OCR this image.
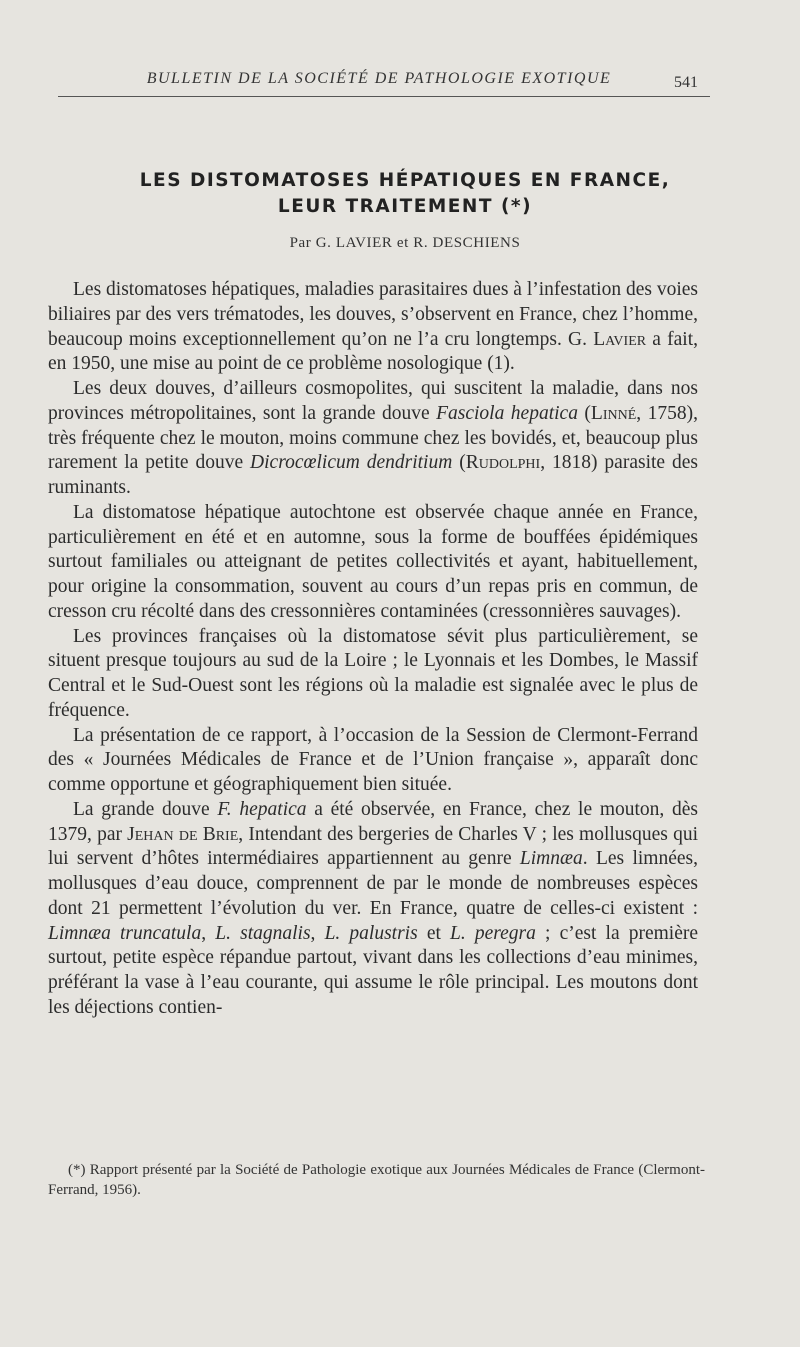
BULLETIN DE LA SOCIÉTÉ DE PATHOLOGIE EXOTIQUE	541
LES DISTOMATOSES HÉPATIQUES EN FRANCE,
LEUR TRAITEMENT (*)
Par G. LAVIER et R. DESCHIENS

Les distomatoses hépatiques, maladies parasitaires dues à l’infestation des voies biliaires par des vers trématodes, les douves, s’observent en France, chez l’homme, beaucoup moins exceptionnellement qu’on ne l’a cru longtemps. G. Lavier a fait, en 1950, une mise au point de ce problème nosologique (1).

Les deux douves, d’ailleurs cosmopolites, qui suscitent la maladie, dans nos provinces métropolitaines, sont la grande douve Fasciola hepatica (Linné, 1758), très fréquente chez le mouton, moins commune chez les bovidés, et, beaucoup plus rarement la petite douve Dicrocœlicum dendritium (Rudolphi, 1818) parasite des ruminants.

La distomatose hépatique autochtone est observée chaque année en France, particulièrement en été et en automne, sous la forme de bouffées épidémiques surtout familiales ou atteignant de petites collectivités et ayant, habituellement, pour origine la consommation, souvent au cours d’un repas pris en commun, de cresson cru récolté dans des cressonnières contaminées (cressonnières sauvages).

Les provinces françaises où la distomatose sévit plus particulièrement, se situent presque toujours au sud de la Loire ; le Lyonnais et les Dombes, le Massif Central et le Sud-Ouest sont les régions où la maladie est signalée avec le plus de fréquence.

La présentation de ce rapport, à l’occasion de la Session de Clermont-Ferrand des « Journées Médicales de France et de l’Union française », apparaît donc comme opportune et géographiquement bien située.

La grande douve F. hepatica a été observée, en France, chez le mouton, dès 1379, par Jehan de Brie, Intendant des bergeries de Charles V ; les mollusques qui lui servent d’hôtes intermédiaires appartiennent au genre Limnæa. Les limnées, mollusques d’eau douce, comprennent de par le monde de nombreuses espèces dont 21 permettent l’évolution du ver. En France, quatre de celles-ci existent : Limnæa truncatula, L. stagnalis, L. palustris et L. peregra ; c’est la première surtout, petite espèce répandue partout, vivant dans les collections d’eau minimes, préférant la vase à l’eau courante, qui assume le rôle principal. Les moutons dont les déjections contien-

(*) Rapport présenté par la Société de Pathologie exotique aux Journées Médicales de France (Clermont-Ferrand, 1956).
